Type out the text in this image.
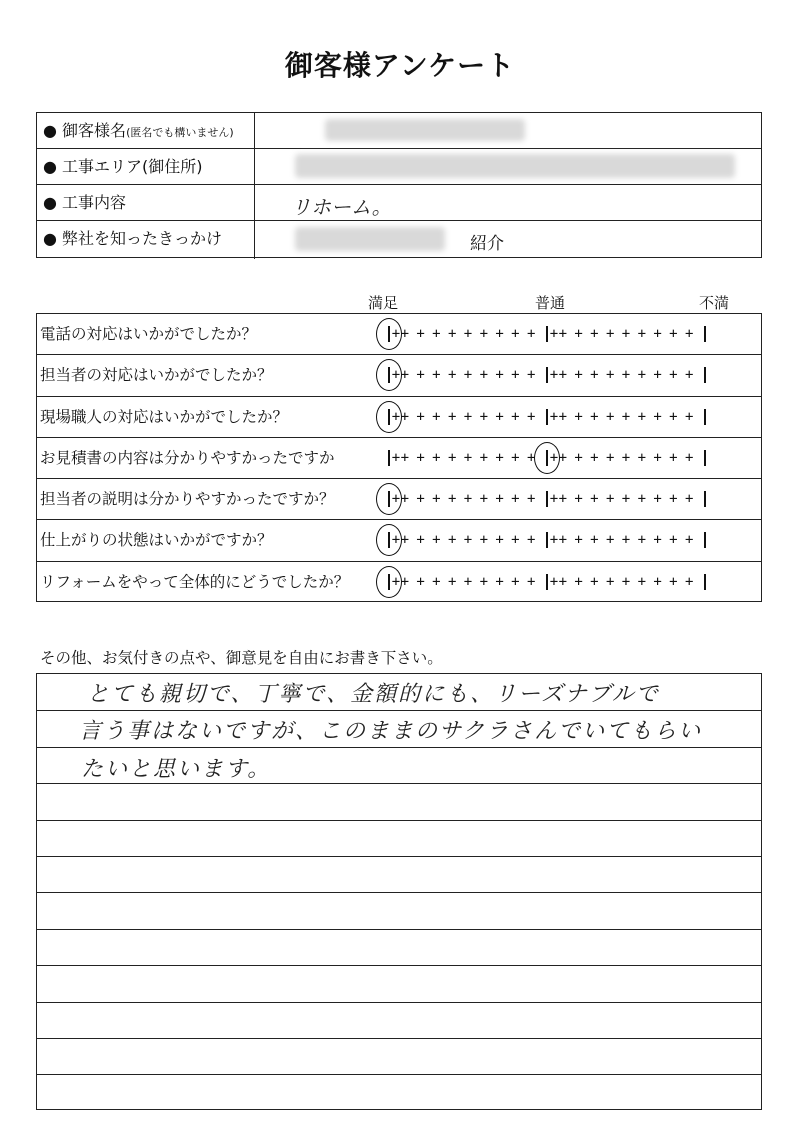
御客様アンケート
● 御客様名(匿名でも構いません)
● 工事エリア(御住所)
● 工事内容	リホーム。
● 弊社を知ったきっかけ	紹介
満足	普通	不満
電話の対応はいかがでしたか？	+ + + + + + + + + + + + + + + + + + + +
担当者の対応はいかがでしたか？	+ + + + + + + + + + + + + + + + + + + +
現場職人の対応はいかがでしたか？	+ + + + + + + + + + + + + + + + + + + +
お見積書の内容は分かりやすかったですか	+ + + + + + + + + + + + + + + + + + + +
担当者の説明は分かりやすかったですか？	+ + + + + + + + + + + + + + + + + + + +
仕上がりの状態はいかがですか？	+ + + + + + + + + + + + + + + + + + + +
リフォームをやって全体的にどうでしたか？	+ + + + + + + + + + + + + + + + + + + +
その他、お気付きの点や、御意見を自由にお書き下さい。
とても親切で、丁寧で、金額的にも、リーズナブルで
言う事はないですが、このままのサクラさんでいてもらい
たいと思います。
